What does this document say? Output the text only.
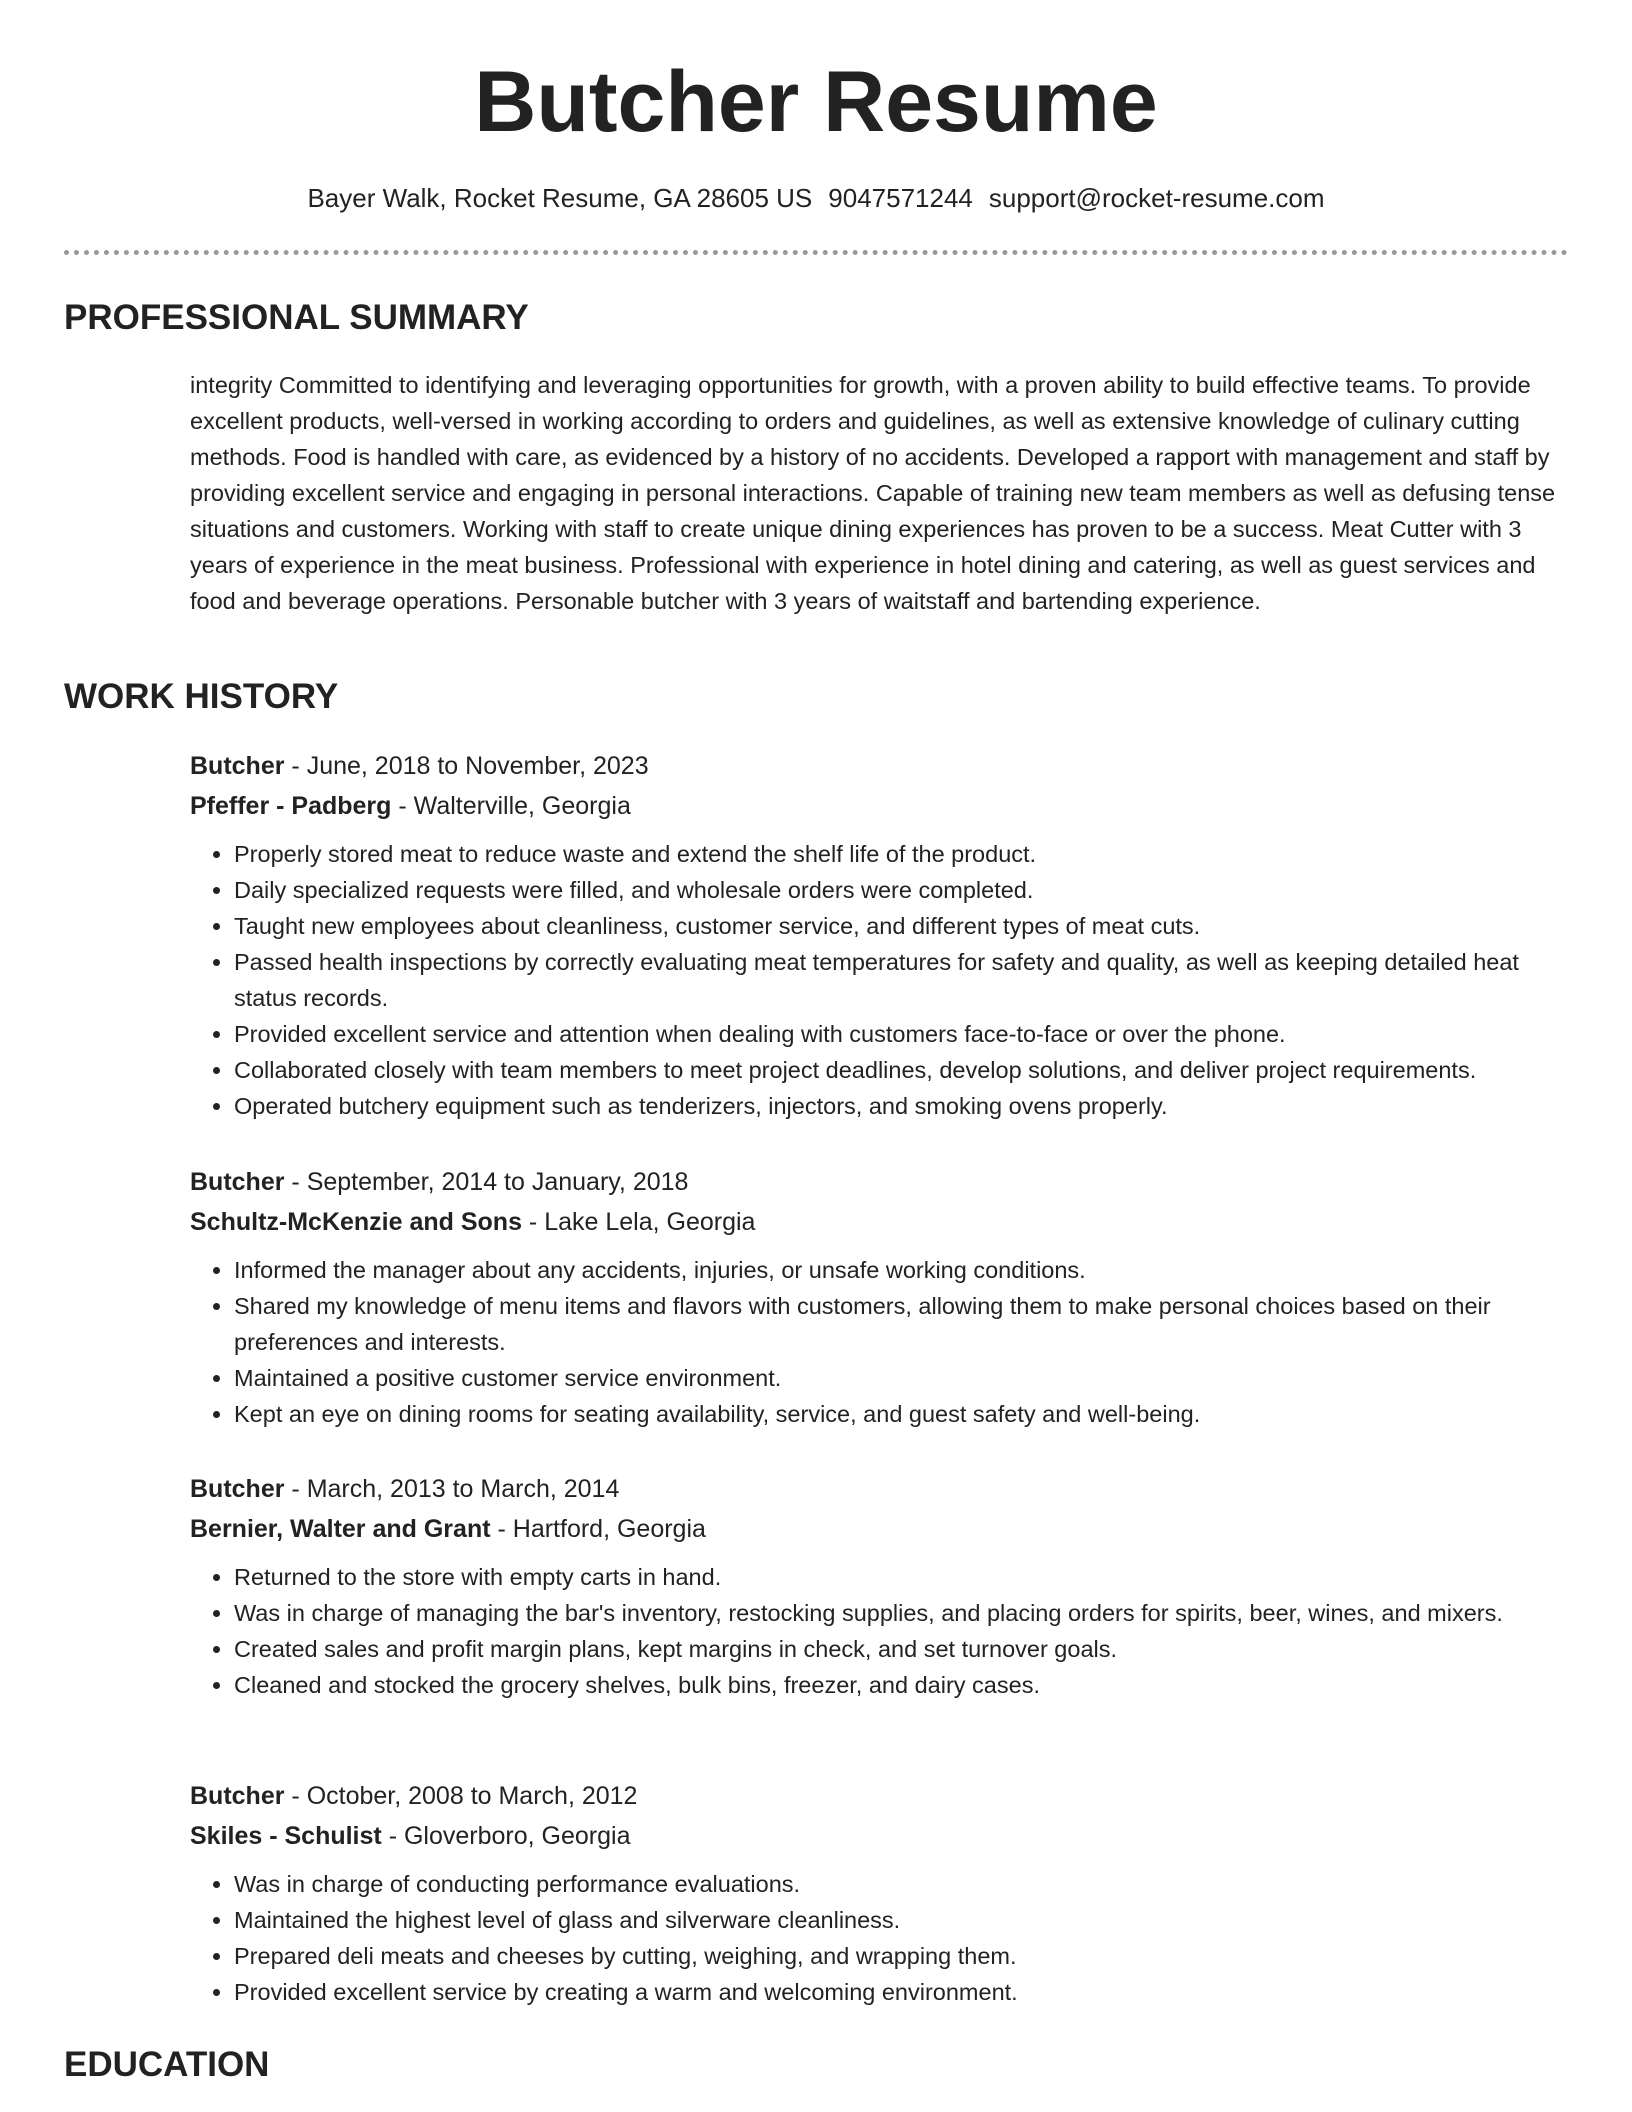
Butcher Resume
Bayer Walk, Rocket Resume, GA 28605 US 9047571244 support@rocket-resume.com
PROFESSIONAL SUMMARY

integrity Committed to identifying and leveraging opportunities for growth, with a proven ability to build effective teams. To provide excellent products, well-versed in working according to orders and guidelines, as well as extensive knowledge of culinary cutting methods. Food is handled with care, as evidenced by a history of no accidents. Developed a rapport with management and staff by providing excellent service and engaging in personal interactions. Capable of training new team members as well as defusing tense situations and customers. Working with staff to create unique dining experiences has proven to be a success. Meat Cutter with 3 years of experience in the meat business. Professional with experience in hotel dining and catering, as well as guest services and food and beverage operations. Personable butcher with 3 years of waitstaff and bartending experience.

WORK HISTORY
Butcher - June, 2018 to November, 2023
Pfeffer - Padberg - Walterville, Georgia
• Properly stored meat to reduce waste and extend the shelf life of the product.
• Daily specialized requests were filled, and wholesale orders were completed.
• Taught new employees about cleanliness, customer service, and different types of meat cuts.
• Passed health inspections by correctly evaluating meat temperatures for safety and quality, as well as keeping detailed heat status records.
• Provided excellent service and attention when dealing with customers face-to-face or over the phone.
• Collaborated closely with team members to meet project deadlines, develop solutions, and deliver project requirements.
• Operated butchery equipment such as tenderizers, injectors, and smoking ovens properly.
Butcher - September, 2014 to January, 2018
Schultz-McKenzie and Sons - Lake Lela, Georgia
• Informed the manager about any accidents, injuries, or unsafe working conditions.
• Shared my knowledge of menu items and flavors with customers, allowing them to make personal choices based on their preferences and interests.
• Maintained a positive customer service environment.
• Kept an eye on dining rooms for seating availability, service, and guest safety and well-being.
Butcher - March, 2013 to March, 2014
Bernier, Walter and Grant - Hartford, Georgia
• Returned to the store with empty carts in hand.
• Was in charge of managing the bar's inventory, restocking supplies, and placing orders for spirits, beer, wines, and mixers.
• Created sales and profit margin plans, kept margins in check, and set turnover goals.
• Cleaned and stocked the grocery shelves, bulk bins, freezer, and dairy cases.
Butcher - October, 2008 to March, 2012
Skiles - Schulist - Gloverboro, Georgia
• Was in charge of conducting performance evaluations.
• Maintained the highest level of glass and silverware cleanliness.
• Prepared deli meats and cheeses by cutting, weighing, and wrapping them.
• Provided excellent service by creating a warm and welcoming environment.
EDUCATION
